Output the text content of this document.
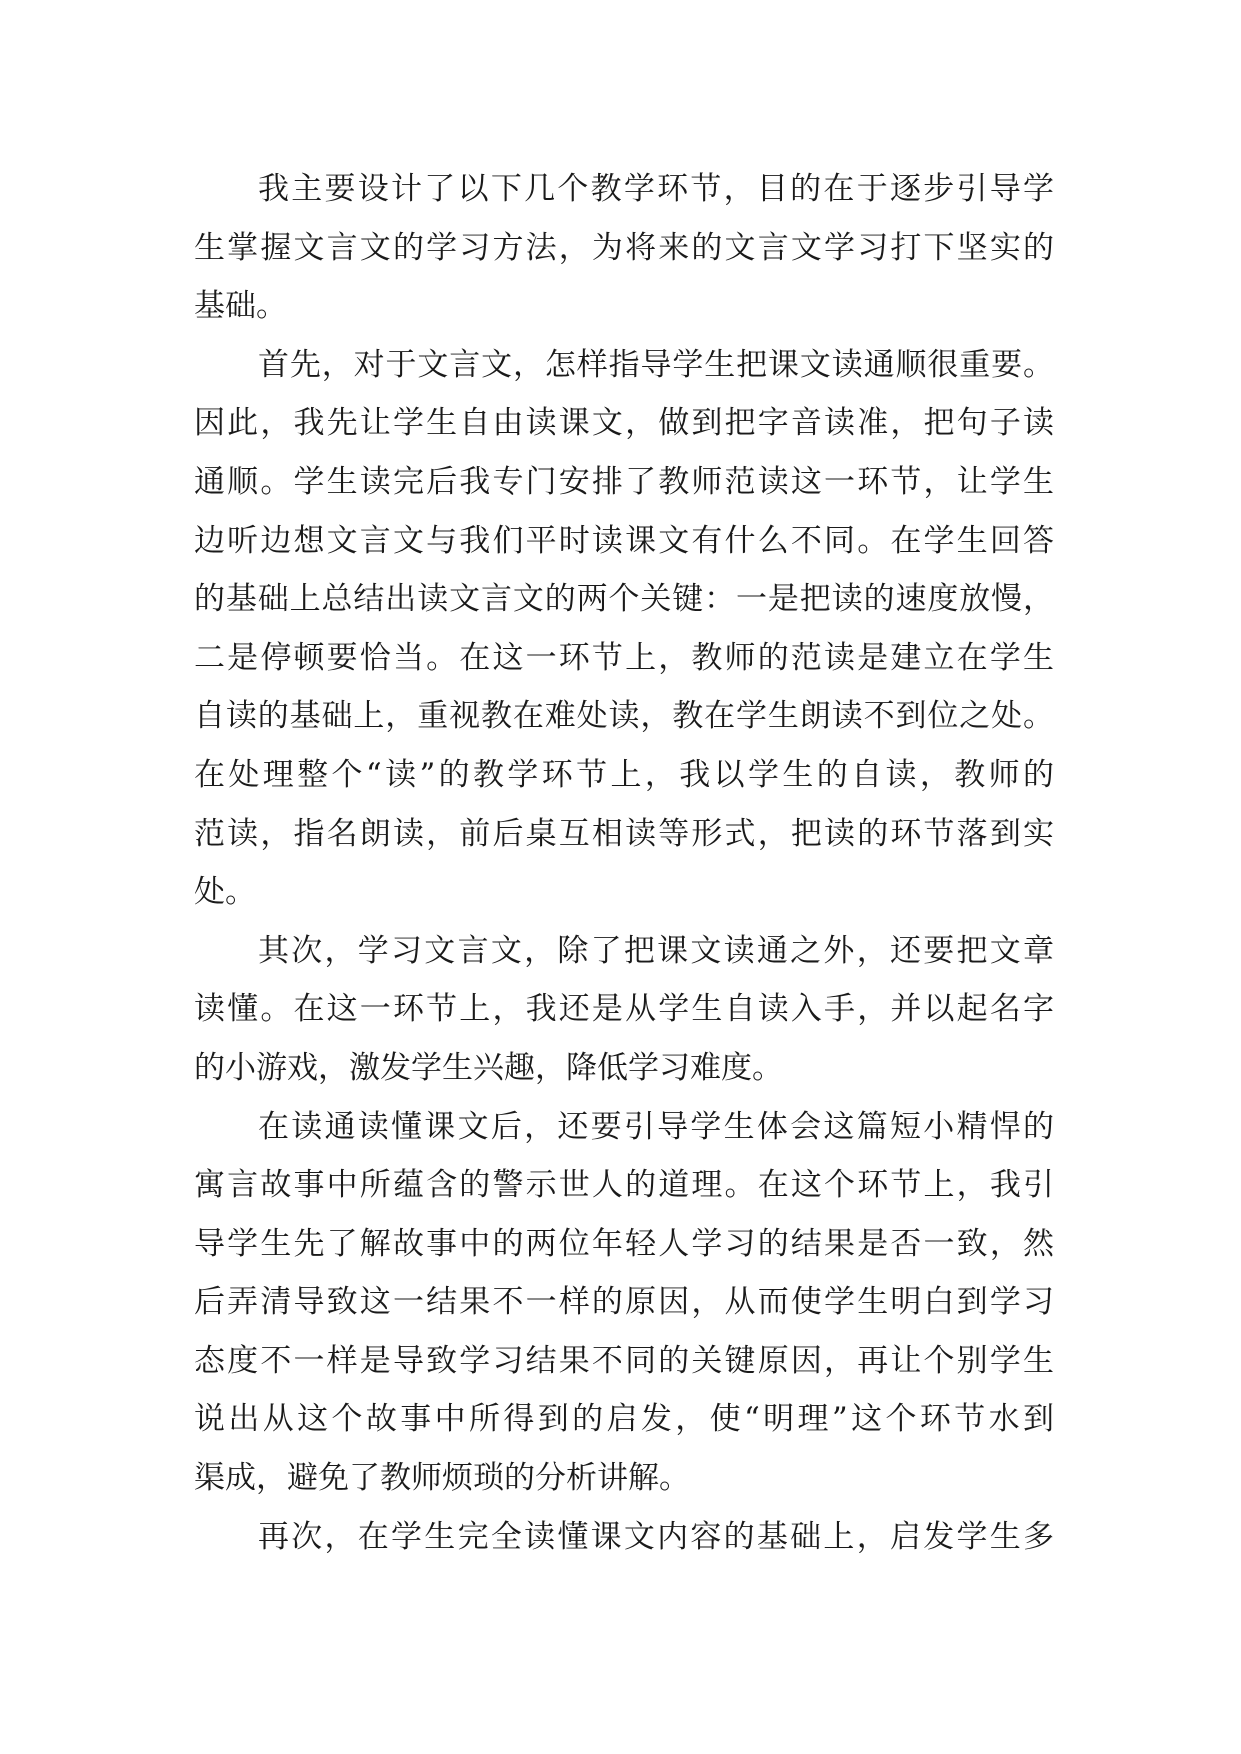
我主要设计了以下几个教学环节，目的在于逐步引导学
生掌握文言文的学习方法，为将来的文言文学习打下坚实的
基础。
首先，对于文言文，怎样指导学生把课文读通顺很重要。
因此，我先让学生自由读课文，做到把字音读准，把句子读
通顺。学生读完后我专门安排了教师范读这一环节，让学生
边听边想文言文与我们平时读课文有什么不同。在学生回答
的基础上总结出读文言文的两个关键：一是把读的速度放慢，
二是停顿要恰当。在这一环节上，教师的范读是建立在学生
自读的基础上，重视教在难处读，教在学生朗读不到位之处。
在处理整个“读”的教学环节上，我以学生的自读，教师的
范读，指名朗读，前后桌互相读等形式，把读的环节落到实
处。
其次，学习文言文，除了把课文读通之外，还要把文章
读懂。在这一环节上，我还是从学生自读入手，并以起名字
的小游戏，激发学生兴趣，降低学习难度。
在读通读懂课文后，还要引导学生体会这篇短小精悍的
寓言故事中所蕴含的警示世人的道理。在这个环节上，我引
导学生先了解故事中的两位年轻人学习的结果是否一致，然
后弄清导致这一结果不一样的原因，从而使学生明白到学习
态度不一样是导致学习结果不同的关键原因，再让个别学生
说出从这个故事中所得到的启发，使“明理”这个环节水到
渠成，避免了教师烦琐的分析讲解。
再次，在学生完全读懂课文内容的基础上，启发学生多
